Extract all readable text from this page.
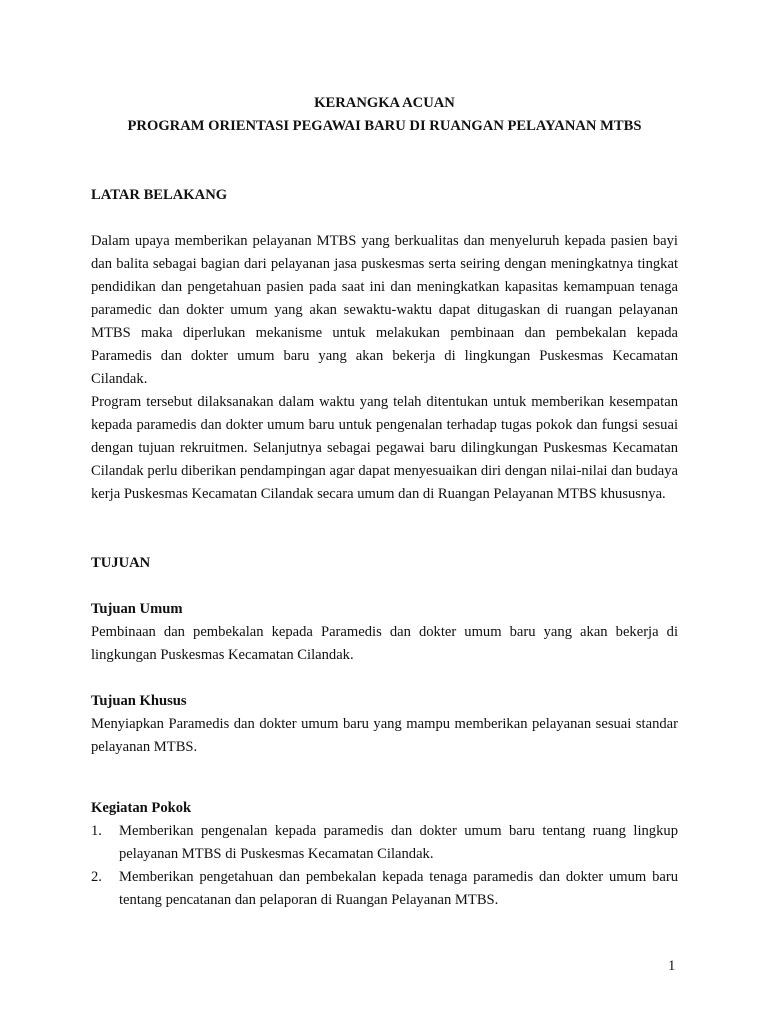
KERANGKA ACUAN

PROGRAM ORIENTASI PEGAWAI BARU DI RUANGAN PELAYANAN MTBS

LATAR BELAKANG

Dalam upaya memberikan pelayanan MTBS yang berkualitas dan menyeluruh kepada pasien bayi dan balita sebagai bagian dari pelayanan jasa puskesmas serta seiring dengan meningkatnya tingkat pendidikan dan pengetahuan pasien pada saat ini dan meningkatkan kapasitas kemampuan tenaga paramedic dan dokter umum yang akan sewaktu-waktu dapat ditugaskan di ruangan pelayanan MTBS maka diperlukan mekanisme untuk melakukan pembinaan dan pembekalan kepada Paramedis dan dokter umum baru yang akan bekerja di lingkungan Puskesmas Kecamatan Cilandak.

Program tersebut dilaksanakan dalam waktu yang telah ditentukan untuk memberikan kesempatan kepada paramedis dan dokter umum baru untuk pengenalan terhadap tugas pokok dan fungsi sesuai dengan tujuan rekruitmen. Selanjutnya sebagai pegawai baru dilingkungan Puskesmas Kecamatan Cilandak perlu diberikan pendampingan agar dapat menyesuaikan diri dengan nilai-nilai dan budaya kerja Puskesmas Kecamatan Cilandak secara umum dan di Ruangan Pelayanan MTBS khususnya.

TUJUAN

Tujuan Umum

Pembinaan dan pembekalan kepada Paramedis dan dokter umum baru yang akan bekerja di lingkungan Puskesmas Kecamatan Cilandak.

Tujuan Khusus

Menyiapkan Paramedis dan dokter umum baru yang mampu memberikan pelayanan sesuai standar pelayanan MTBS.

Kegiatan Pokok

1. Memberikan pengenalan kepada paramedis dan dokter umum baru tentang ruang lingkup pelayanan MTBS di Puskesmas Kecamatan Cilandak.
2. Memberikan pengetahuan dan pembekalan kepada tenaga paramedis dan dokter umum baru tentang pencatanan dan pelaporan di Ruangan Pelayanan MTBS.
1
